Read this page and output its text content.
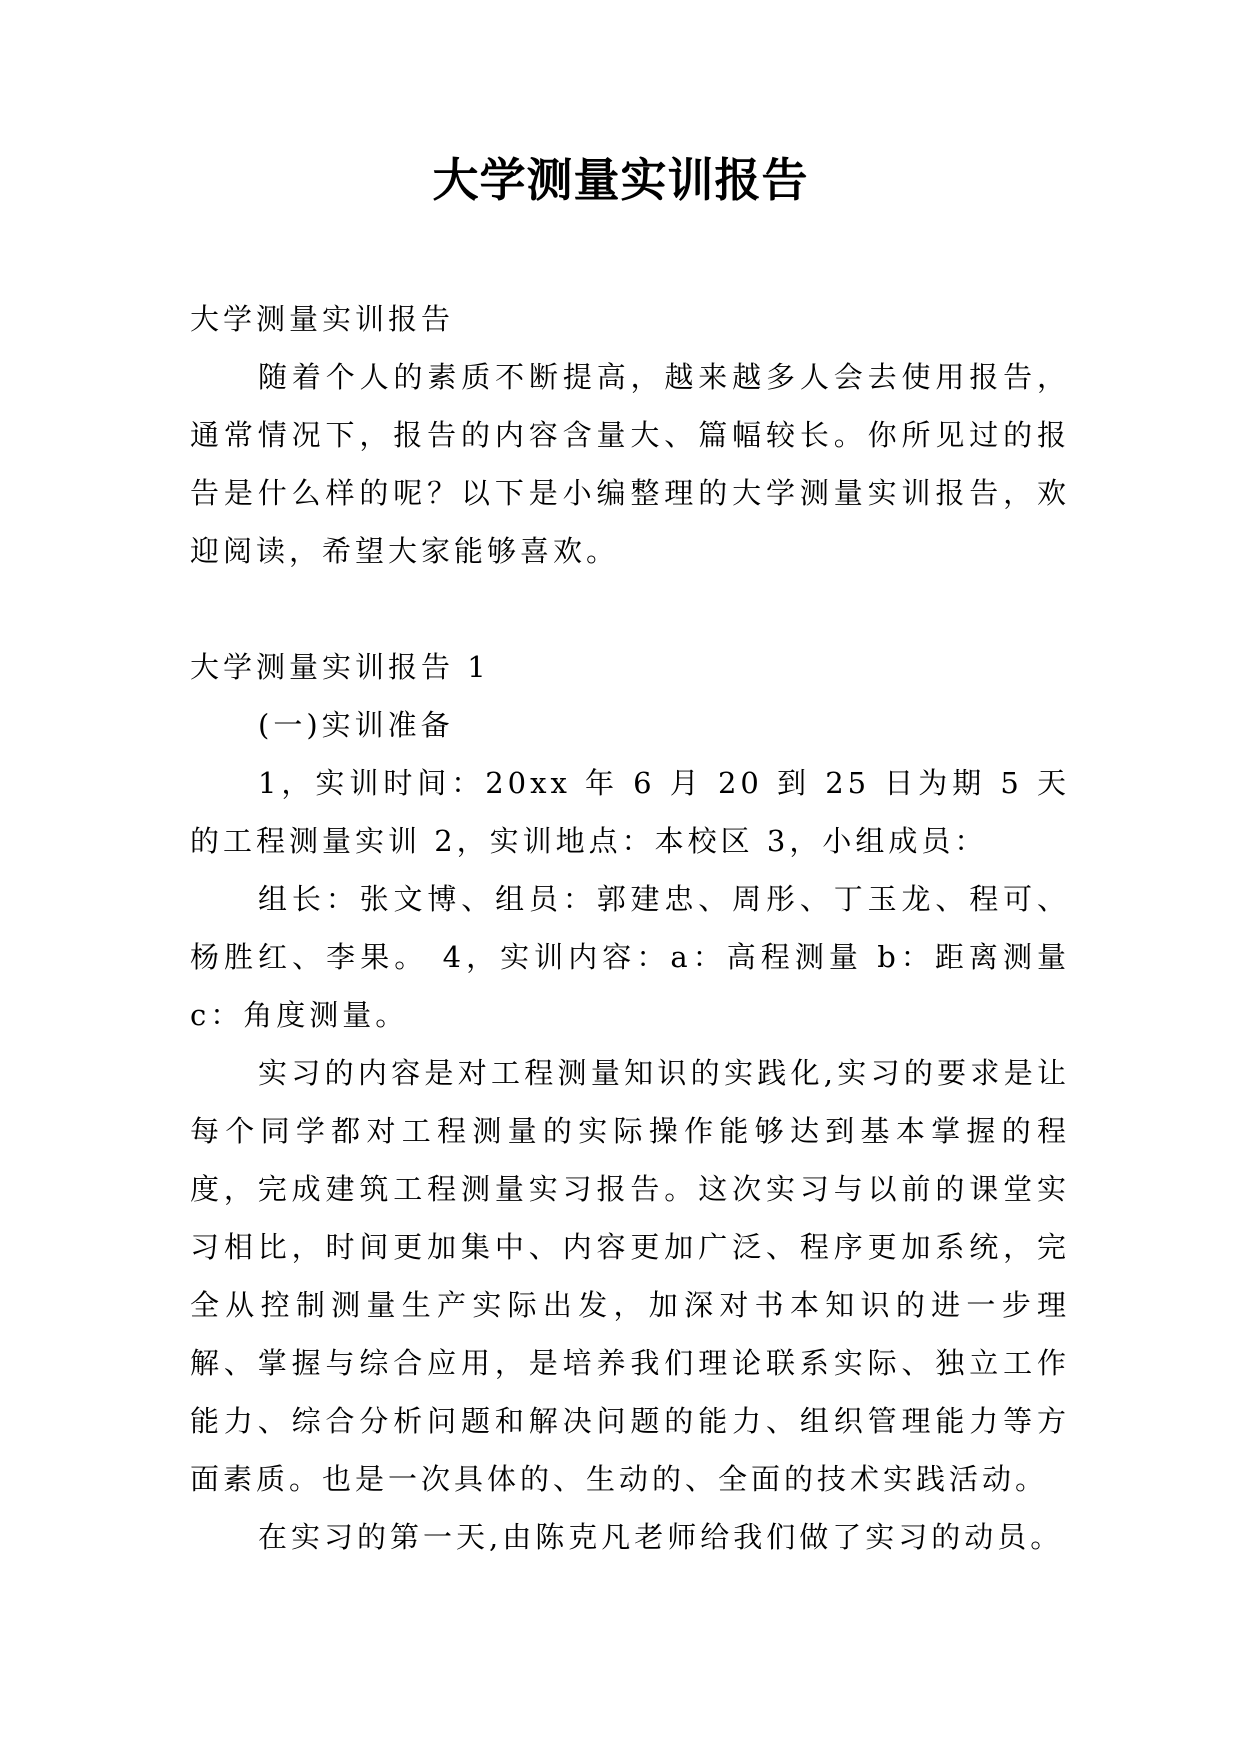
大学测量实训报告

大学测量实训报告

随着个人的素质不断提高，越来越多人会去使用报告，通常情况下，报告的内容含量大、篇幅较长。你所见过的报告是什么样的呢？以下是小编整理的大学测量实训报告，欢迎阅读，希望大家能够喜欢。

大学测量实训报告 1

(一)实训准备

1，实训时间：20xx 年 6 月 20 到 25 日为期 5 天的工程测量实训 2，实训地点：本校区 3，小组成员：

组长：张文博、组员：郭建忠、周彤、丁玉龙、程可、杨胜红、李果。 4，实训内容：a：高程测量 b：距离测量 c：角度测量。

实习的内容是对工程测量知识的实践化,实习的要求是让每个同学都对工程测量的实际操作能够达到基本掌握的程度，完成建筑工程测量实习报告。这次实习与以前的课堂实习相比，时间更加集中、内容更加广泛、程序更加系统，完全从控制测量生产实际出发，加深对书本知识的进一步理解、掌握与综合应用，是培养我们理论联系实际、独立工作能力、综合分析问题和解决问题的能力、组织管理能力等方面素质。也是一次具体的、生动的、全面的技术实践活动。

在实习的第一天,由陈克凡老师给我们做了实习的动员。
